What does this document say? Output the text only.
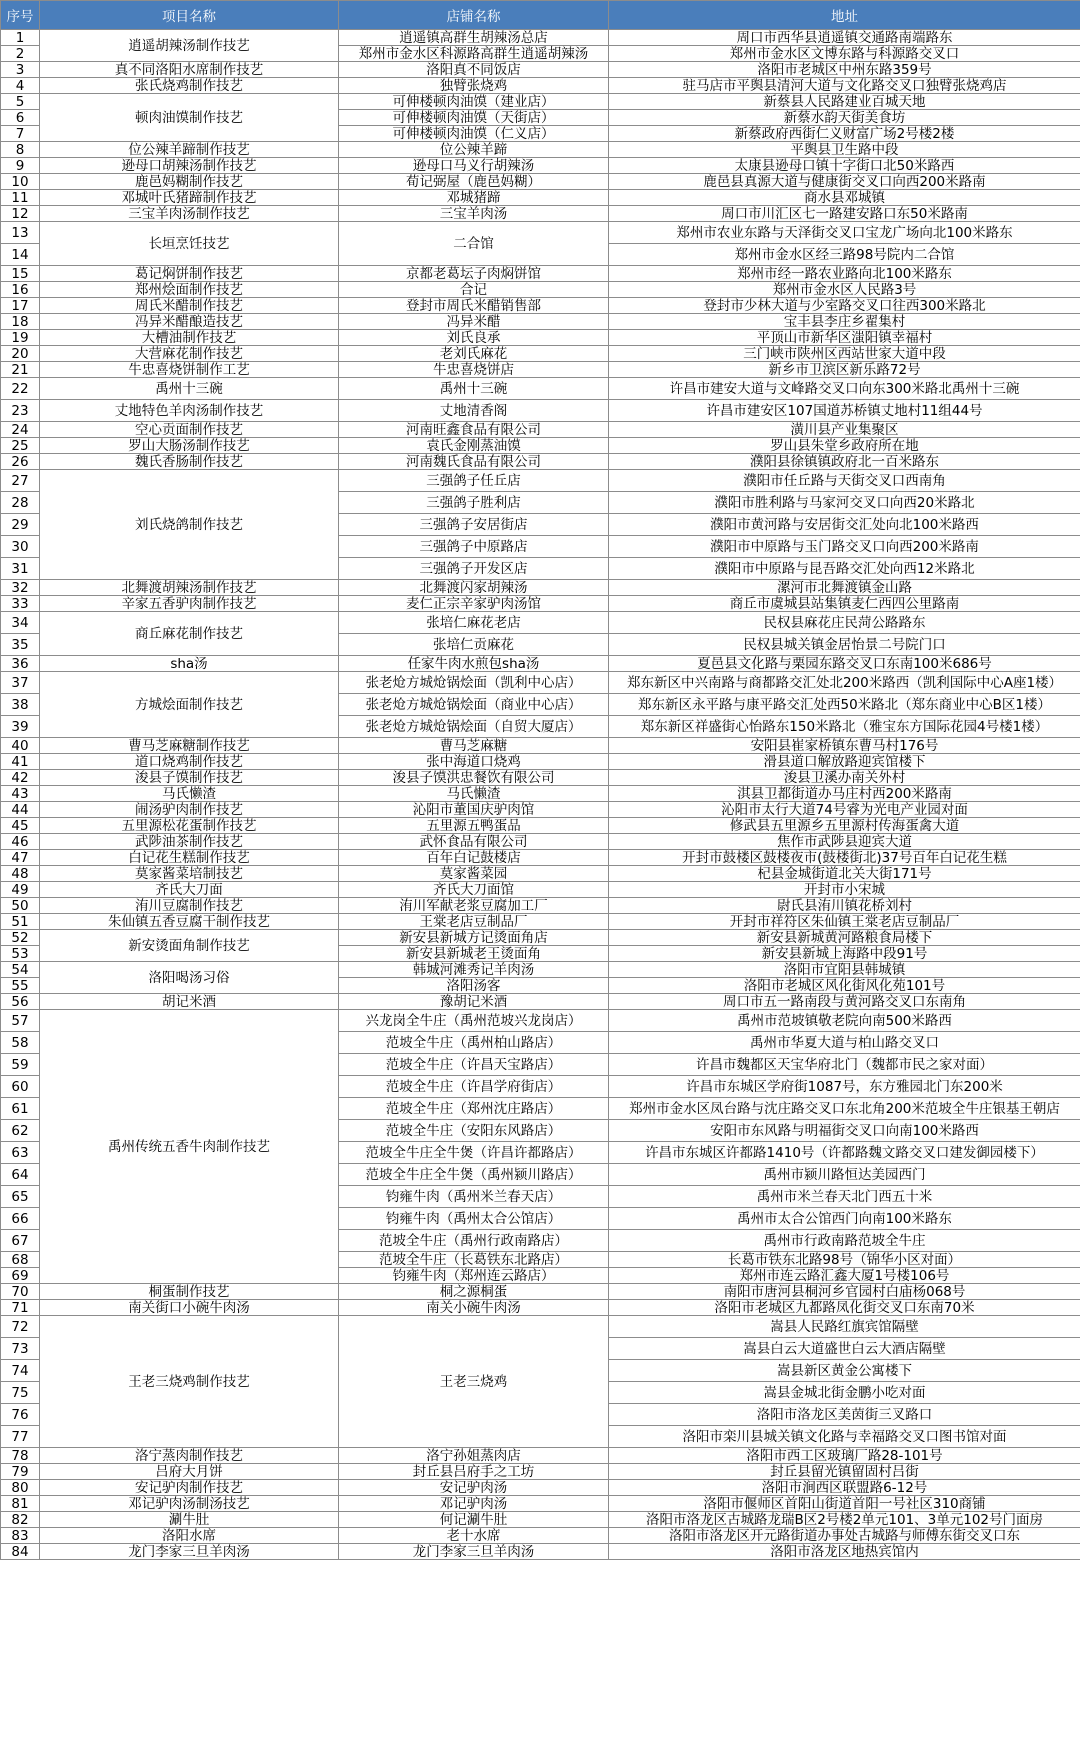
序号	项目名称	店铺名称	地址
1	逍遥胡辣汤制作技艺	逍遥镇高群生胡辣汤总店	周口市西华县逍遥镇交通路南端路东
2		郑州市金水区科源路高群生逍遥胡辣汤	郑州市金水区文博东路与科源路交叉口
3	真不同洛阳水席制作技艺	洛阳真不同饭店	洛阳市老城区中州东路359号
4	张氏烧鸡制作技艺	独臂张烧鸡	驻马店市平舆县清河大道与文化路交叉口独臂张烧鸡店
5	顿肉油馍制作技艺	可伸楼顿肉油馍（建业店）	新蔡县人民路建业百城天地
6		可伸楼顿肉油馍（天街店）	新蔡水韵天街美食坊
7		可伸楼顿肉油馍（仁义店）	新蔡政府西街仁义财富广场2号楼2楼
8	位公辣羊蹄制作技艺	位公辣羊蹄	平舆县卫生路中段
9	逊母口胡辣汤制作技艺	逊母口马义行胡辣汤	太康县逊母口镇十字街口北50米路西
10	鹿邑妈糊制作技艺	荀记弼屋（鹿邑妈糊）	鹿邑县真源大道与健康街交叉口向西200米路南
11	邓城叶氏猪蹄制作技艺	邓城猪蹄	商水县邓城镇
12	三宝羊肉汤制作技艺	三宝羊肉汤	周口市川汇区七一路建安路口东50米路南
13	长垣烹饪技艺	二合馆	郑州市农业东路与天泽街交叉口宝龙广场向北100米路东
14			郑州市金水区经三路98号院内二合馆
15	葛记焖饼制作技艺	京都老葛坛子肉焖饼馆	郑州市经一路农业路向北100米路东
16	郑州烩面制作技艺	合记	郑州市金水区人民路3号
17	周氏米醋制作技艺	登封市周氏米醋销售部	登封市少林大道与少室路交叉口往西300米路北
18	冯异米醋酿造技艺	冯异米醋	宝丰县李庄乡翟集村
19	大槽油制作技艺	刘氏良承	平顶山市新华区滍阳镇幸福村
20	大营麻花制作技艺	老刘氏麻花	三门峡市陕州区西站世家大道中段
21	牛忠喜烧饼制作工艺	牛忠喜烧饼店	新乡市卫滨区新乐路72号
22	禹州十三碗	禹州十三碗	许昌市建安大道与文峰路交叉口向东300米路北禹州十三碗
23	丈地特色羊肉汤制作技艺	丈地清香阁	许昌市建安区107国道苏桥镇丈地村11组44号
24	空心贡面制作技艺	河南旺鑫食品有限公司	潢川县产业集聚区
25	罗山大肠汤制作技艺	袁氏金刚蒸油馍	罗山县朱堂乡政府所在地
26	魏氏香肠制作技艺	河南魏氏食品有限公司	濮阳县徐镇镇政府北一百米路东
27	刘氏烧鸽制作技艺	三强鸽子任丘店	濮阳市任丘路与天街交叉口西南角
28		三强鸽子胜利店	濮阳市胜利路与马家河交叉口向西20米路北
29		三强鸽子安居街店	濮阳市黄河路与安居街交汇处向北100米路西
30		三强鸽子中原路店	濮阳市中原路与玉门路交叉口向西200米路南
31		三强鸽子开发区店	濮阳市中原路与昆吾路交汇处向西12米路北
32	北舞渡胡辣汤制作技艺	北舞渡闪家胡辣汤	漯河市北舞渡镇金山路
33	辛家五香驴肉制作技艺	麦仁正宗辛家驴肉汤馆	商丘市虞城县站集镇麦仁西四公里路南
34	商丘麻花制作技艺	张培仁麻花老店	民权县麻花庄民菏公路路东
35		张培仁贡麻花	民权县城关镇金居怡景二号院门口
36	sha汤	任家牛肉水煎包sha汤	夏邑县文化路与栗园东路交叉口东南100米686号
37	方城烩面制作技艺	张老炝方城炝锅烩面（凯利中心店）	郑东新区中兴南路与商都路交汇处北200米路西（凯利国际中心A座1楼）
38		张老炝方城炝锅烩面（商业中心店）	郑东新区永平路与康平路交汇处西50米路北（郑东商业中心B区1楼）
39		张老炝方城炝锅烩面（自贸大厦店）	郑东新区祥盛街心怡路东150米路北（雅宝东方国际花园4号楼1楼）
40	曹马芝麻糖制作技艺	曹马芝麻糖	安阳县崔家桥镇东曹马村176号
41	道口烧鸡制作技艺	张中海道口烧鸡	滑县道口解放路迎宾馆楼下
42	浚县子馍制作技艺	浚县子馍洪忠餐饮有限公司	浚县卫溪办南关外村
43	马氏懒渣	马氏懒渣	淇县卫都街道办马庄村西200米路南
44	闹汤驴肉制作技艺	沁阳市董国庆驴肉馆	沁阳市太行大道74号睿为光电产业园对面
45	五里源松花蛋制作技艺	五里源五鸭蛋品	修武县五里源乡五里源村传海蛋禽大道
46	武陟油茶制作技艺	武怀食品有限公司	焦作市武陟县迎宾大道
47	白记花生糕制作技艺	百年白记鼓楼店	开封市鼓楼区鼓楼夜市(鼓楼街北)37号百年白记花生糕
48	莫家酱菜培制技艺	莫家酱菜园	杞县金城街道北关大街171号
49	齐氏大刀面	齐氏大刀面馆	开封市小宋城
50	洧川豆腐制作技艺	洧川军献老浆豆腐加工厂	尉氏县洧川镇花桥刘村
51	朱仙镇五香豆腐干制作技艺	王棠老店豆制品厂	开封市祥符区朱仙镇王棠老店豆制品厂
52	新安烫面角制作技艺	新安县新城方记烫面角店	新安县新城黄河路粮食局楼下
53		新安县新城老王烫面角	新安县新城上海路中段91号
54	洛阳喝汤习俗	韩城河滩秀记羊肉汤	洛阳市宜阳县韩城镇
55		洛阳汤客	洛阳市老城区风化街风化苑101号
56	胡记米酒	豫胡记米酒	周口市五一路南段与黄河路交叉口东南角
57	禹州传统五香牛肉制作技艺	兴龙岗全牛庄（禹州范坡兴龙岗店）	禹州市范坡镇敬老院向南500米路西
58		范坡全牛庄（禹州柏山路店）	禹州市华夏大道与柏山路交叉口
59		范坡全牛庄（许昌天宝路店）	许昌市魏都区天宝华府北门（魏都市民之家对面）
60		范坡全牛庄（许昌学府街店）	许昌市东城区学府街1087号，东方雅园北门东200米
61		范坡全牛庄（郑州沈庄路店）	郑州市金水区凤台路与沈庄路交叉口东北角200米范坡全牛庄银基王朝店
62		范坡全牛庄（安阳东风路店）	安阳市东风路与明福街交叉口向南100米路西
63		范坡全牛庄全牛煲（许昌许都路店）	许昌市东城区许都路1410号（许都路魏文路交叉口建发御园楼下）
64		范坡全牛庄全牛煲（禹州颍川路店）	禹州市颍川路恒达美园西门
65		钧雍牛肉（禹州米兰春天店）	禹州市米兰春天北门西五十米
66		钧雍牛肉（禹州太合公馆店）	禹州市太合公馆西门向南100米路东
67		范坡全牛庄（禹州行政南路店）	禹州市行政南路范坡全牛庄
68		范坡全牛庄（长葛铁东北路店）	长葛市铁东北路98号（锦华小区对面）
69		钧雍牛肉（郑州连云路店）	郑州市连云路汇鑫大厦1号楼106号
70	桐蛋制作技艺	桐之源桐蛋	南阳市唐河县桐河乡官园村白庙杨068号
71	南关街口小碗牛肉汤	南关小碗牛肉汤	洛阳市老城区九都路凤化街交叉口东南70米
72	王老三烧鸡制作技艺	王老三烧鸡	嵩县人民路红旗宾馆隔壁
73			嵩县白云大道盛世白云大酒店隔壁
74			嵩县新区黄金公寓楼下
75			嵩县金城北街金鹏小吃对面
76			洛阳市洛龙区美茵街三叉路口
77			洛阳市栾川县城关镇文化路与幸福路交叉口图书馆对面
78	洛宁蒸肉制作技艺	洛宁孙姐蒸肉店	洛阳市西工区玻璃厂路28-101号
79	吕府大月饼	封丘县吕府手之工坊	封丘县留光镇留固村吕街
80	安记驴肉制作技艺	安记驴肉汤	洛阳市涧西区联盟路6-12号
81	邓记驴肉汤制汤技艺	邓记驴肉汤	洛阳市偃师区首阳山街道首阳一号社区310商铺
82	涮牛肚	何记涮牛肚	洛阳市洛龙区古城路龙瑞B区2号楼2单元101、3单元102号门面房
83	洛阳水席	老十水席	洛阳市洛龙区开元路街道办事处古城路与师傅东街交叉口东
84	龙门李家三旦羊肉汤	龙门李家三旦羊肉汤	洛阳市洛龙区地热宾馆内
